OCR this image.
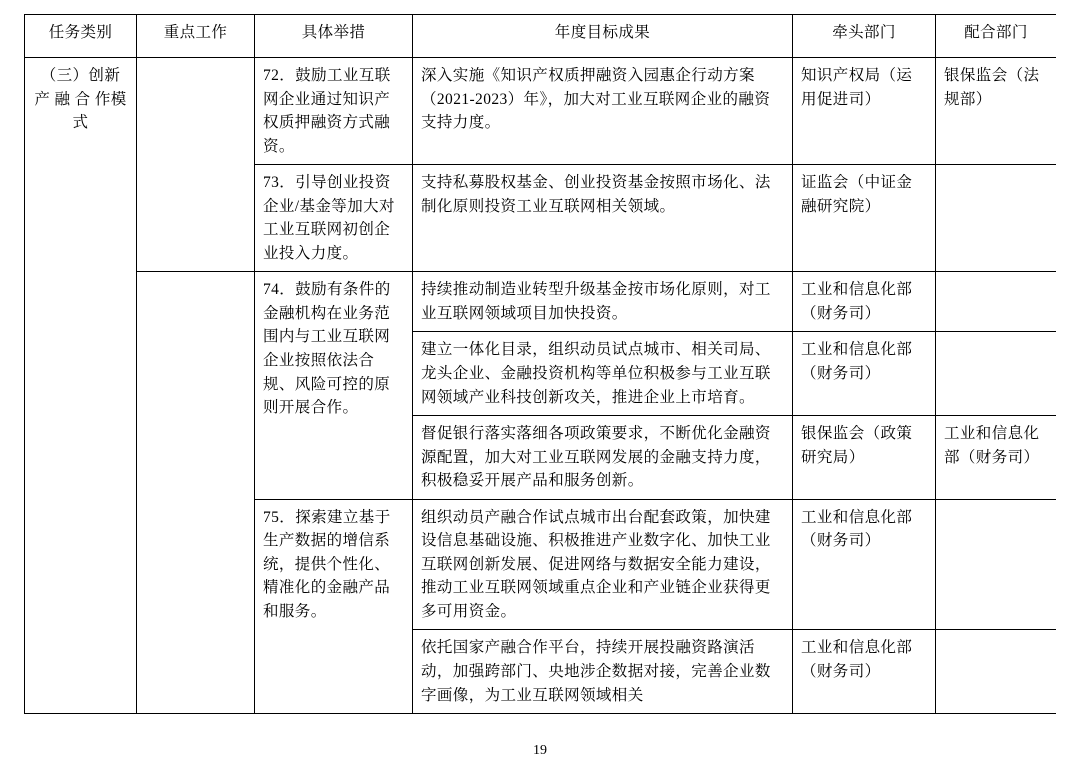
任务类别	重点工作	具体举措	年度目标成果	牵头部门	配合部门
（三）创新产 融 合 作模式		72．鼓励工业互联网企业通过知识产权质押融资方式融资。	深入实施《知识产权质押融资入园惠企行动方案（2021-2023）年》，加大对工业互联网企业的融资支持力度。	知识产权局（运用促进司）	银保监会（法规部）
		73．引导创业投资企业/基金等加大对工业互联网初创企业投入力度。	支持私募股权基金、创业投资基金按照市场化、法制化原则投资工业互联网相关领域。	证监会（中证金融研究院）	
		74．鼓励有条件的金融机构在业务范围内与工业互联网企业按照依法合规、风险可控的原则开展合作。	持续推动制造业转型升级基金按市场化原则，对工业互联网领域项目加快投资。	工业和信息化部（财务司）	
			建立一体化目录，组织动员试点城市、相关司局、龙头企业、金融投资机构等单位积极参与工业互联网领域产业科技创新攻关，推进企业上市培育。	工业和信息化部（财务司）	
			督促银行落实落细各项政策要求，不断优化金融资源配置，加大对工业互联网发展的金融支持力度，积极稳妥开展产品和服务创新。	银保监会（政策研究局）	工业和信息化部（财务司）
		75．探索建立基于生产数据的增信系统，提供个性化、精准化的金融产品和服务。	组织动员产融合作试点城市出台配套政策，加快建设信息基础设施、积极推进产业数字化、加快工业互联网创新发展、促进网络与数据安全能力建设，推动工业互联网领域重点企业和产业链企业获得更多可用资金。	工业和信息化部（财务司）	
			依托国家产融合作平台，持续开展投融资路演活动，加强跨部门、央地涉企数据对接，完善企业数字画像，为工业互联网领域相关	工业和信息化部（财务司）	
19
